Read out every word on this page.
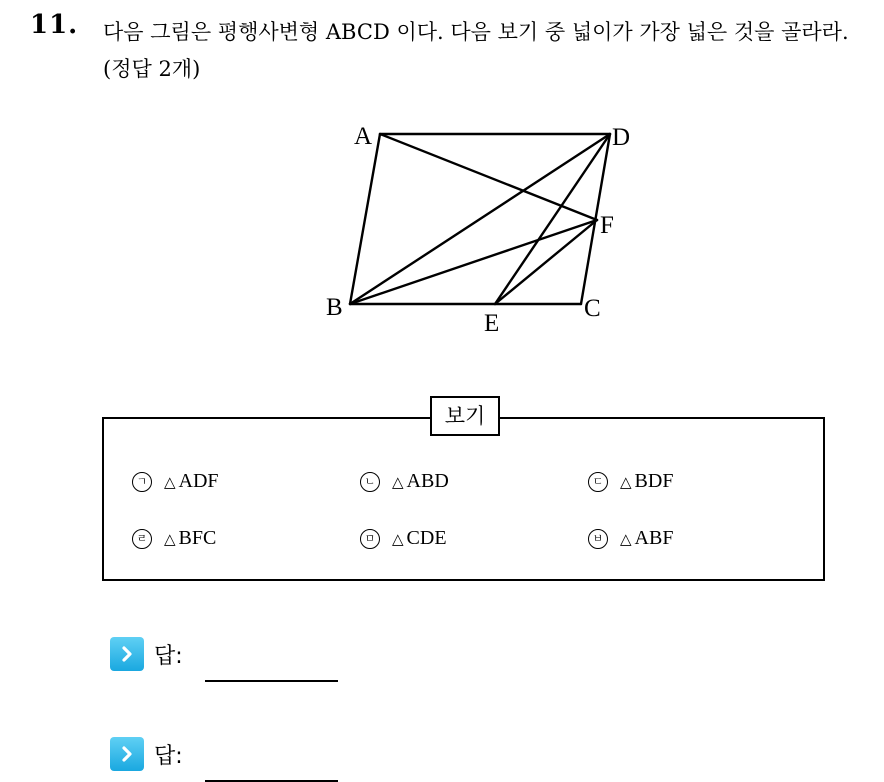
11. 다음 그림은 평행사변형 ABCD 이다. 다음 보기 중 넓이가 가장 넓은 것을 골라라.(정답 2개)
A	D
F
B	C
E
보기
ㄱ	△ ADF	ㄴ	△ ABD	ㄷ	△ BDF
ㄹ	△ BFC	ㅁ	△ CDE	ㅂ	△ ABF
답:
답:
